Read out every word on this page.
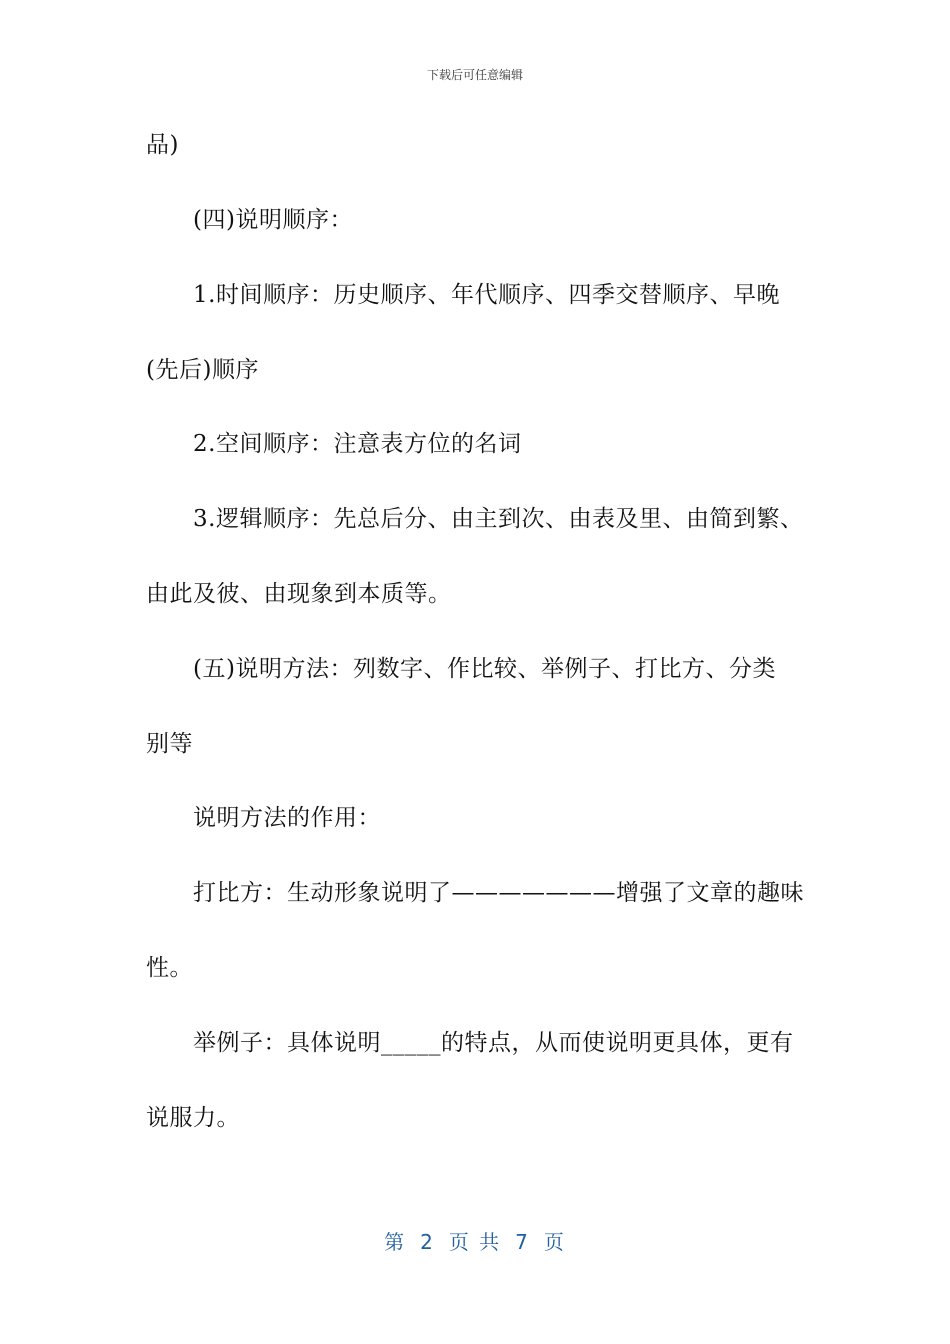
下载后可任意编辑
品)
(四)说明顺序：
1.时间顺序：历史顺序、年代顺序、四季交替顺序、早晚
(先后)顺序
2.空间顺序：注意表方位的名词
3.逻辑顺序：先总后分、由主到次、由表及里、由简到繁、
由此及彼、由现象到本质等。
(五)说明方法：列数字、作比较、举例子、打比方、分类
别等
说明方法的作用：
打比方：生动形象说明了———————增强了文章的趣味
性。
举例子：具体说明_____的特点，从而使说明更具体，更有
说服力。
第 2 页 共 7 页
